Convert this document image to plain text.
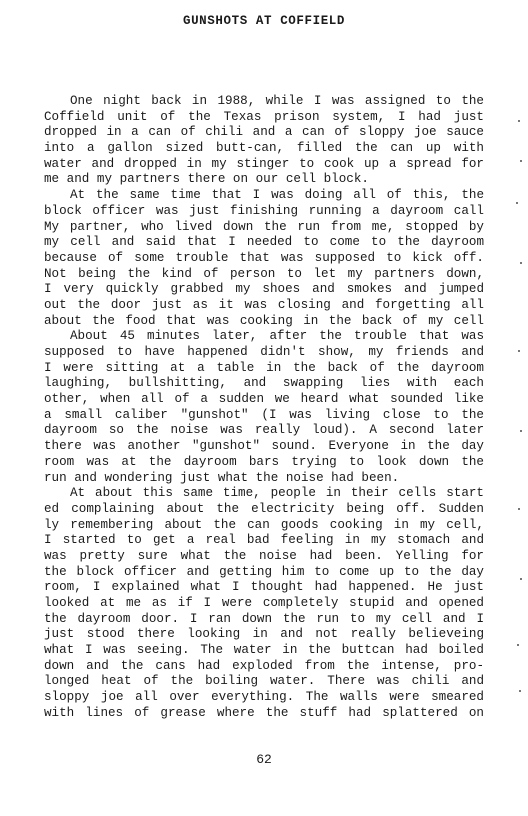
GUNSHOTS AT COFFIELD
One night back in 1988, while I was assigned to the
Coffield unit of the Texas prison system, I had just
dropped in a can of chili and a can of sloppy joe sauce
into a gallon sized butt-can, filled the can up with
water and dropped in my stinger to cook up a spread for
me and my partners there on our cell block.
At the same time that I was doing all of this, the
block officer was just finishing running a dayroom call
My partner, who lived down the run from me, stopped by
my cell and said that I needed to come to the dayroom
because of some trouble that was supposed to kick off.
Not being the kind of person to let my partners down,
I very quickly grabbed my shoes and smokes and jumped
out the door just as it was closing and forgetting all
about the food that was cooking in the back of my cell
About 45 minutes later, after the trouble that was
supposed to have happened didn't show, my friends and
I were sitting at a table in the back of the dayroom
laughing, bullshitting, and swapping lies with each
other, when all of a sudden we heard what sounded like
a small caliber "gunshot" (I was living close to the
dayroom so the noise was really loud). A second later
there was another "gunshot" sound. Everyone in the day
room was at the dayroom bars trying to look down the
run and wondering just what the noise had been.
At about this same time, people in their cells start
ed complaining about the electricity being off. Sudden
ly remembering about the can goods cooking in my cell,
I started to get a real bad feeling in my stomach and
was pretty sure what the noise had been. Yelling for
the block officer and getting him to come up to the day
room, I explained what I thought had happened. He just
looked at me as if I were completely stupid and opened
the dayroom door. I ran down the run to my cell and I
just stood there looking in and not really believeing
what I was seeing. The water in the buttcan had boiled
down and the cans had exploded from the intense, pro-
longed heat of the boiling water. There was chili and
sloppy joe all over everything. The walls were smeared
with lines of grease where the stuff had splattered on
62
